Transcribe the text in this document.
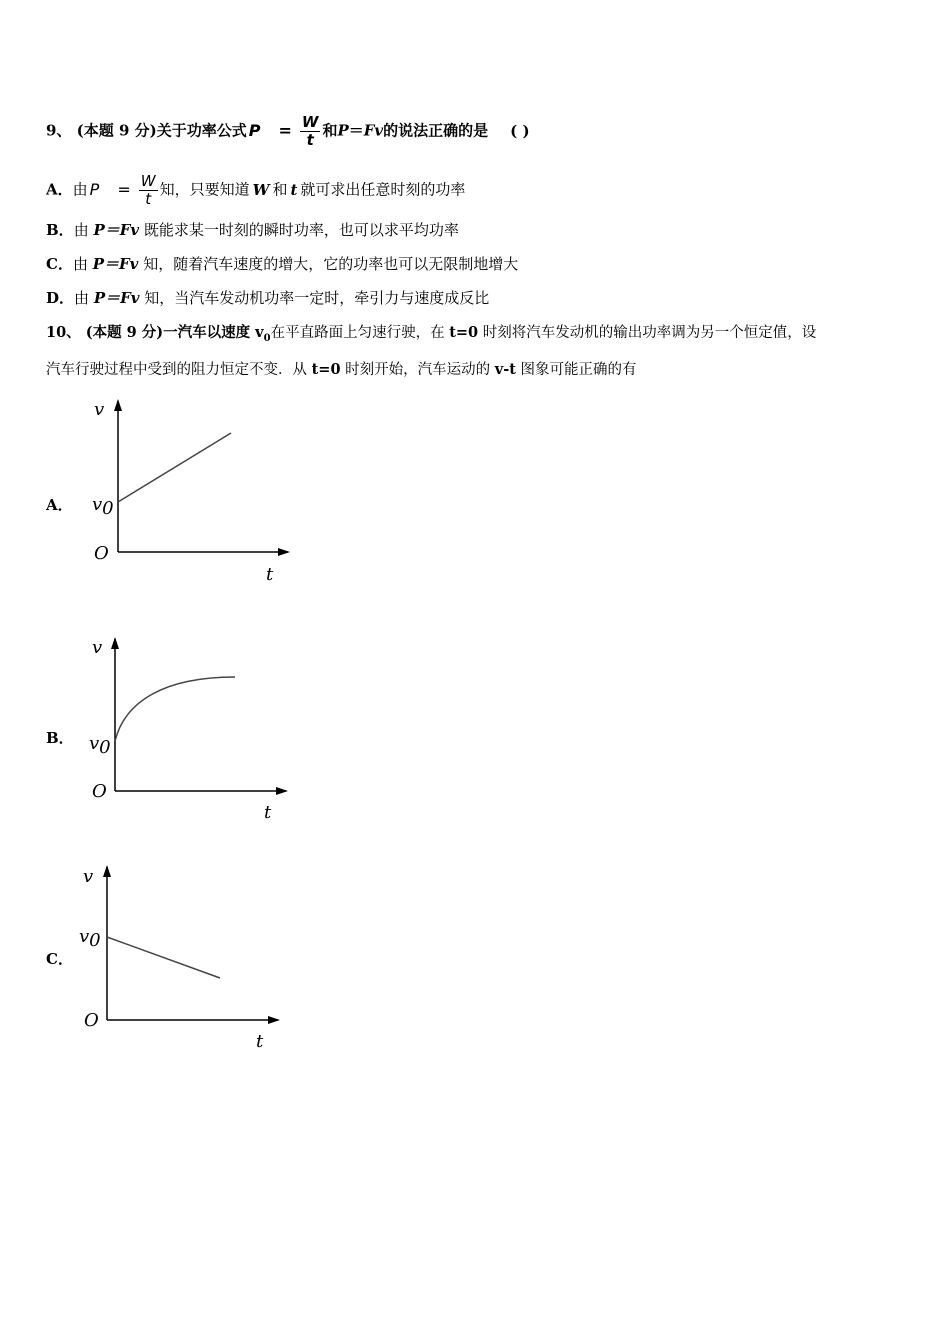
9、 (本题 9 分)关于功率公式 $P = \frac{W}{t}$ 和P＝Fv的说法正确的是 ( )
A．由 $P = \frac{W}{t}$ 知，只要知道 W 和 t 就可求出任意时刻的功率
B．由 P＝Fv 既能求某一时刻的瞬时功率，也可以求平均功率
C．由 P＝Fv 知，随着汽车速度的增大，它的功率也可以无限制地增大
D．由 P＝Fv 知，当汽车发动机功率一定时，牵引力与速度成反比
10、 (本题 9 分)一汽车以速度 $v_0$在平直路面上匀速行驶，在 t=0 时刻将汽车发动机的输出功率调为另一个恒定值，设
汽车行驶过程中受到的阻力恒定不变．从 t=0 时刻开始，汽车运动的 v-t 图象可能正确的有
A．
v
t
O
v0
B．
v
t
O
v0
C．
v
t
O
v0
